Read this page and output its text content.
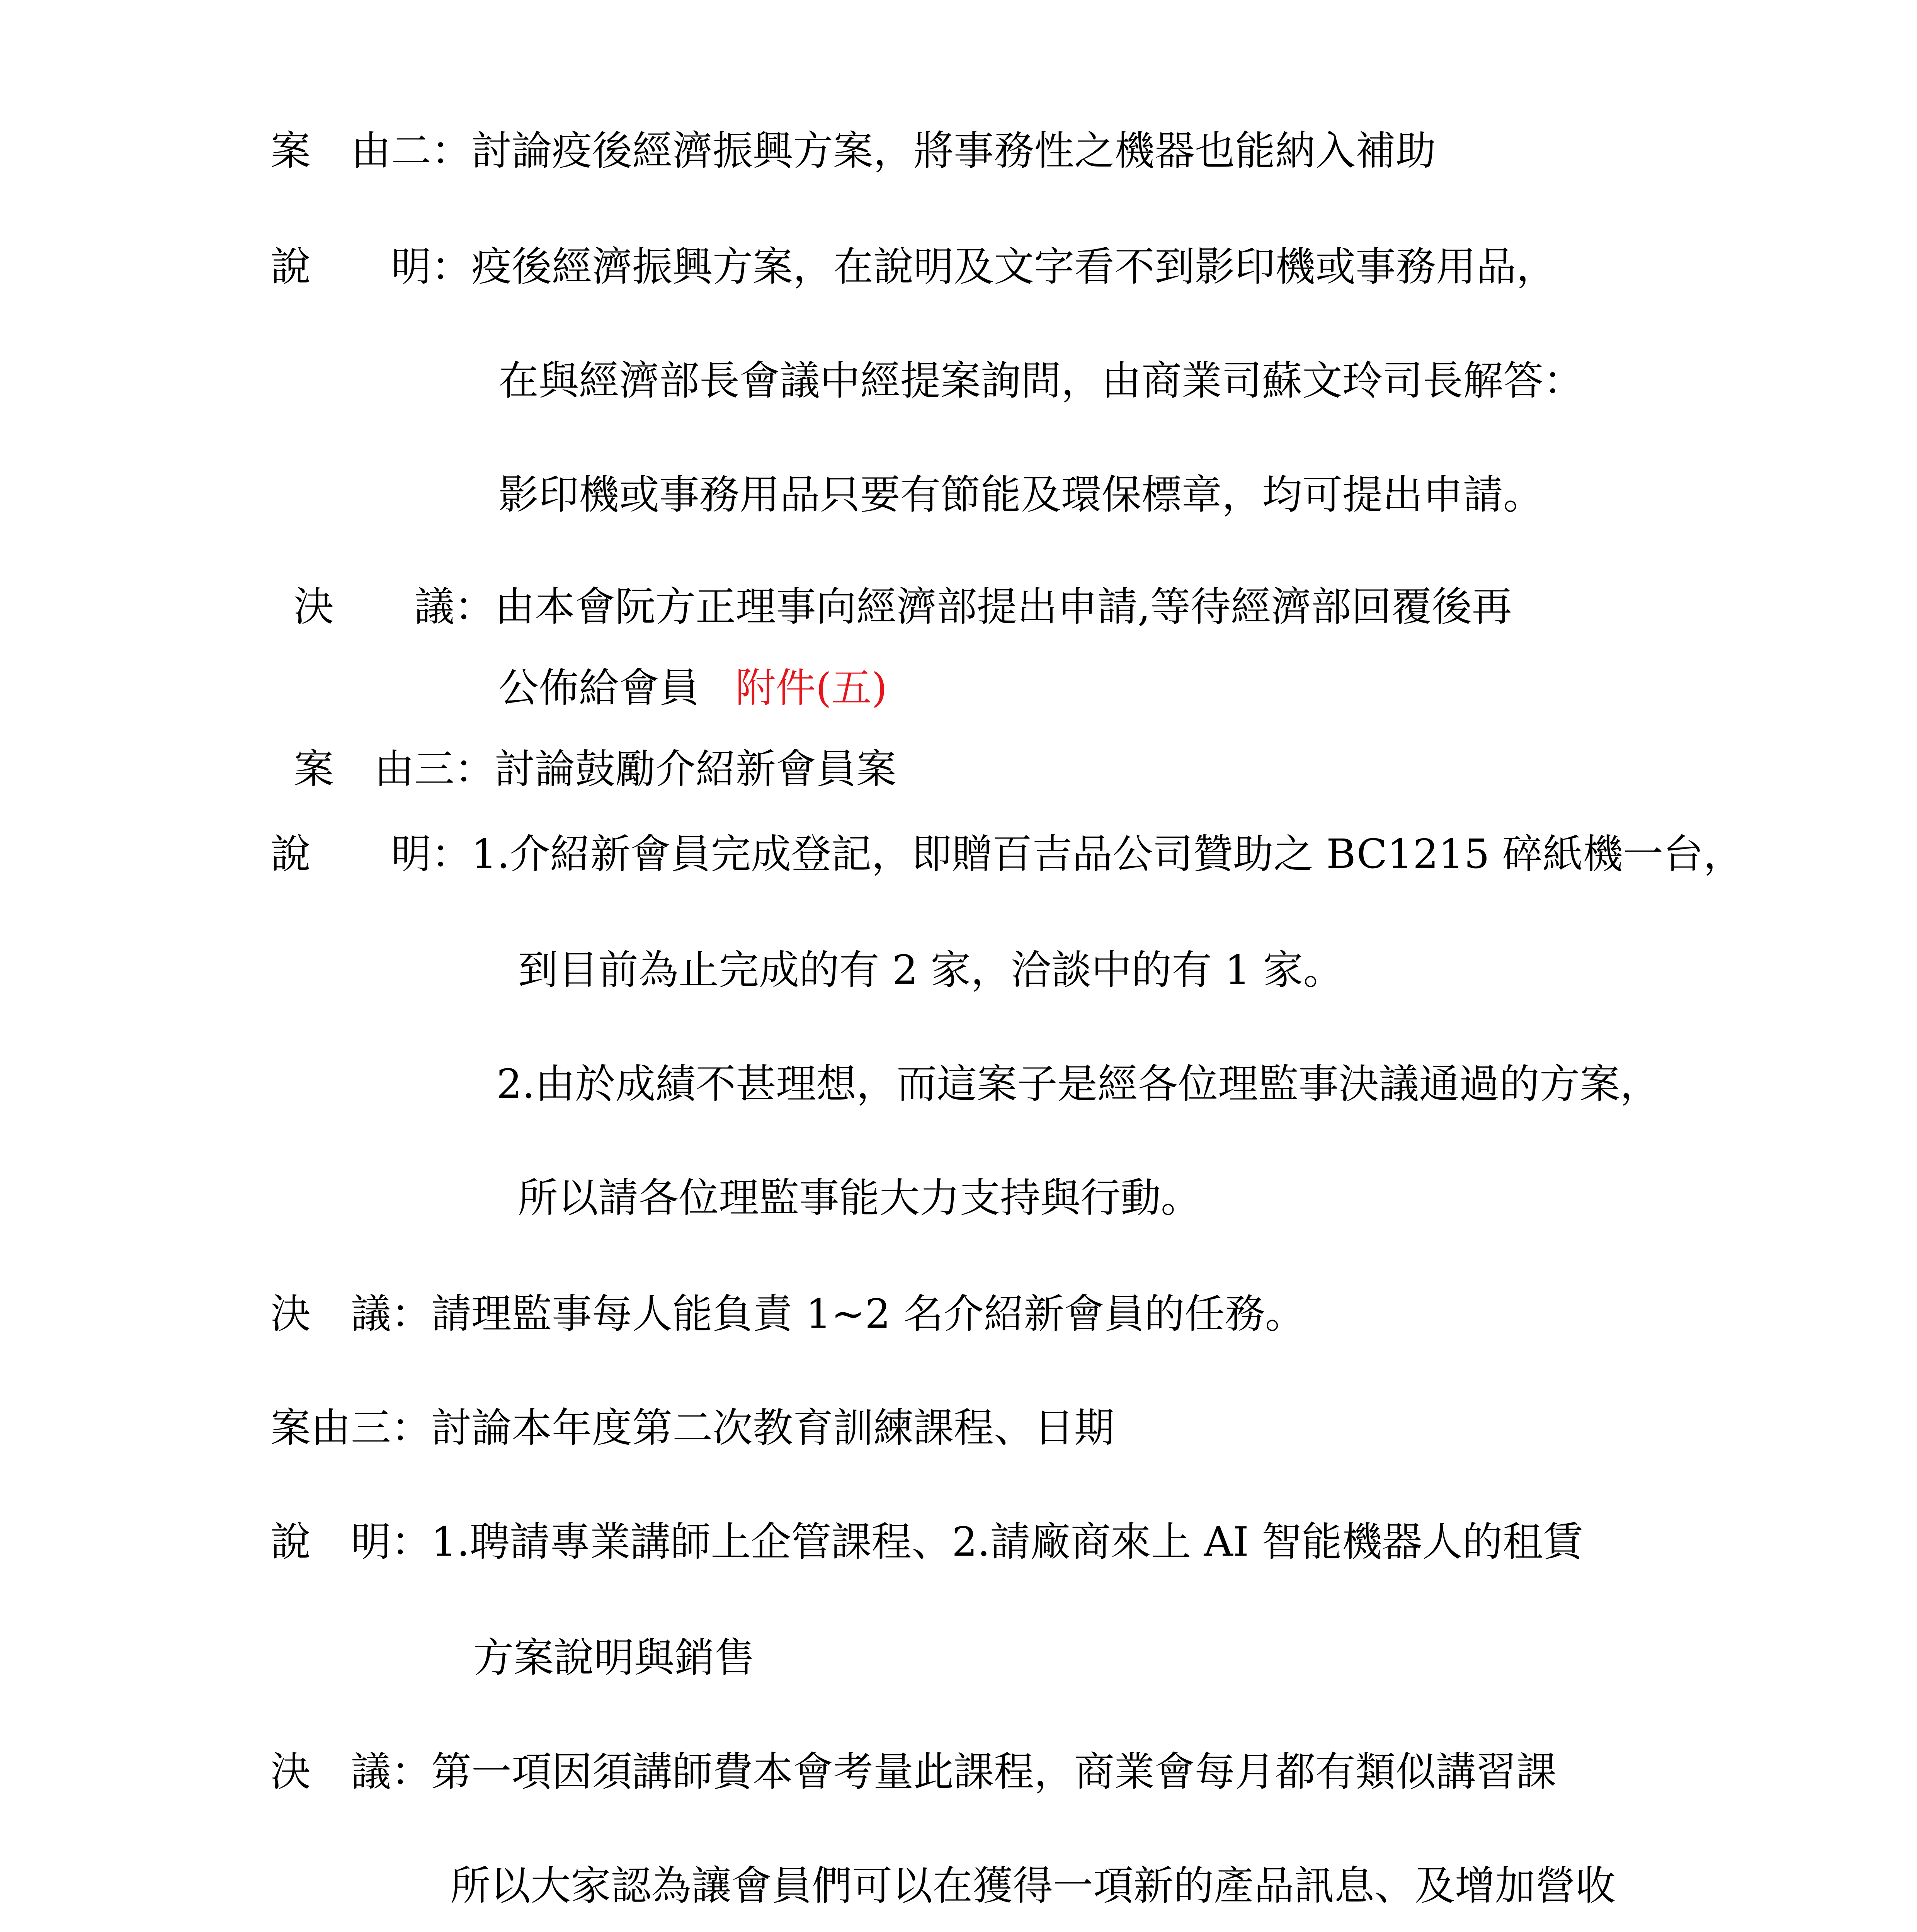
案　由二：討論疫後經濟振興方案，將事務性之機器也能納入補助
說　　明：疫後經濟振興方案，在說明及文字看不到影印機或事務用品，
在與經濟部長會議中經提案詢問，由商業司蘇文玲司長解答：
影印機或事務用品只要有節能及環保標章，均可提出申請。
決　　議：由本會阮方正理事向經濟部提出申請,等待經濟部回覆後再
公佈給會員 附件(五)
案　由三：討論鼓勵介紹新會員案
說　　明：1.介紹新會員完成登記，即贈百吉品公司贊助之 BC1215 碎紙機一台，
到目前為止完成的有 2 家，洽談中的有 1 家。
2.由於成績不甚理想，而這案子是經各位理監事決議通過的方案，
所以請各位理監事能大力支持與行動。
決　議：請理監事每人能負責 1~2 名介紹新會員的任務。
案由三：討論本年度第二次教育訓練課程、日期
說　明：1.聘請專業講師上企管課程、2.請廠商來上 AI 智能機器人的租賃
方案說明與銷售
決　議：第一項因須講師費本會考量此課程，商業會每月都有類似講習課
所以大家認為讓會員們可以在獲得一項新的產品訊息、及增加營收
